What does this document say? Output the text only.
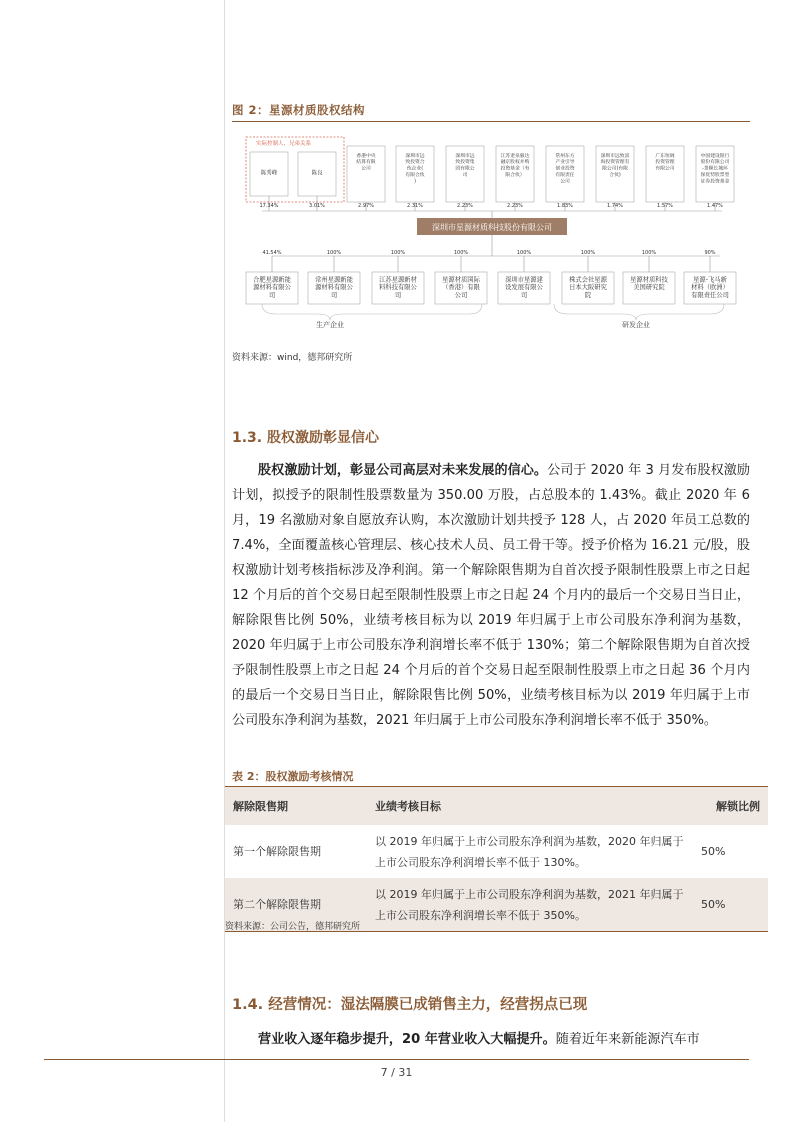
图 2：星源材质股权结构
实际控制人、兄弟关系
陈秀峰
17.34%
陈良
3.01%
香港中央
结算有限
公司
2.97%
深圳市远
致投资合
伙企业(
有限合伙
)
2.31%
深圳市远
致投资集
团有限公
司
2.23%
江苏疌泉毅达
融京股权并购
投资基金（有
限合伙）
2.23%
常州东方
产业引导
创业投资
有限责任
公司
1.83%
深圳市远致富
海投资管理有
限公司(有限
合伙)
1.74%
广东恒阔
投资管理
有限公司
1.57%
中国建设银行
股份有限公司
-景顺长城环
保优势股票型
证券投资基金
1.47%
41.54%
合肥星源新能
源材料有限公
司
100%
常州星源新能
源材料有限公
司
100%
江苏星源新材
料科技有限公
司
100%
星源材质国际
（香港）有限
公司
100%
深圳市星源建
设发展有限公
司
100%
株式会社星源
日本大阪研究
院
100%
星源材质科技
美国研究院
90%
星源-飞马新
材料（欧洲）
有限责任公司
深圳市星源材质科技股份有限公司
生产企业	研发企业
资料来源：wind，德邦研究所
1.3. 股权激励彰显信心
股权激励计划，彰显公司高层对未来发展的信心。公司于 2020 年 3 月发布股权激励计划，拟授予的限制性股票数量为 350.00 万股，占总股本的 1.43%。截止 2020 年 6 月，19 名激励对象自愿放弃认购，本次激励计划共授予 128 人，占 2020 年员工总数的 7.4%，全面覆盖核心管理层、核心技术人员、员工骨干等。授予价格为 16.21 元/股，股权激励计划考核指标涉及净利润。第一个解除限售期为自首次授予限制性股票上市之日起 12 个月后的首个交易日起至限制性股票上市之日起 24 个月内的最后一个交易日当日止，解除限售比例 50%，业绩考核目标为以 2019 年归属于上市公司股东净利润为基数，2020 年归属于上市公司股东净利润增长率不低于 130%；第二个解除限售期为自首次授予限制性股票上市之日起 24 个月后的首个交易日起至限制性股票上市之日起 36 个月内的最后一个交易日当日止，解除限售比例 50%，业绩考核目标为以 2019 年归属于上市公司股东净利润为基数，2021 年归属于上市公司股东净利润增长率不低于 350%。
表 2：股权激励考核情况
解除限售期	业绩考核目标	解锁比例
第一个解除限售期	以 2019 年归属于上市公司股东净利润为基数，2020 年归属于上市公司股东净利润增长率不低于 130%。	50%
第二个解除限售期	以 2019 年归属于上市公司股东净利润为基数，2021 年归属于上市公司股东净利润增长率不低于 350%。	50%
资料来源：公司公告，德邦研究所
1.4. 经营情况：湿法隔膜已成销售主力，经营拐点已现
营业收入逐年稳步提升，20 年营业收入大幅提升。随着近年来新能源汽车市
7 / 31
